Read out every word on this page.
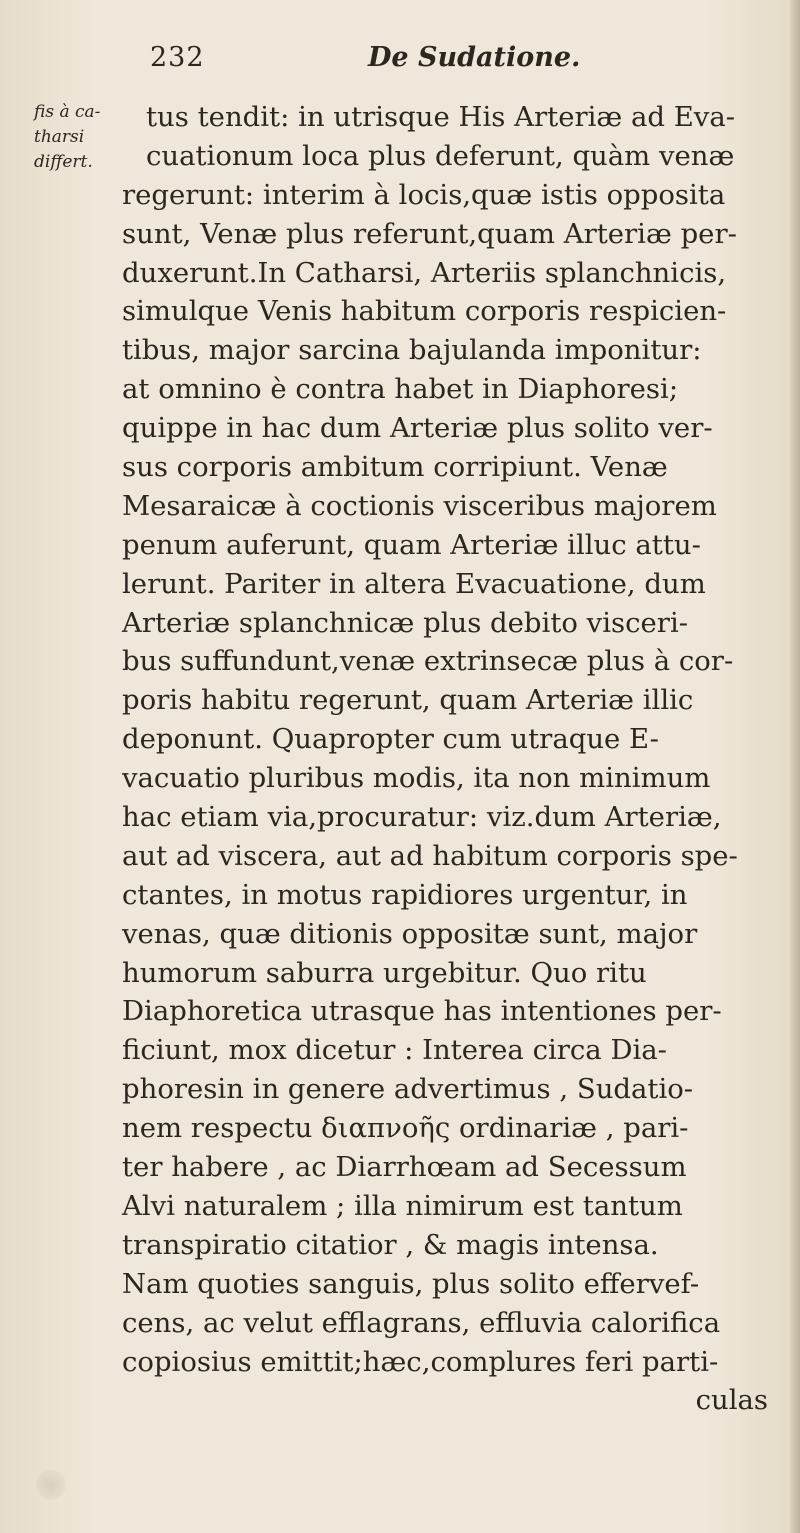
232	De Sudatione.
fis à ca-
tharsi
differt.
tus tendit: in utrisque His Arteriæ ad Eva-
cuationum loca plus deferunt, quàm venæ
regerunt: interim à locis,quæ istis opposita
sunt, Venæ plus referunt,quam Arteriæ per-
duxerunt.In Catharsi, Arteriis splanchnicis,
simulque Venis habitum corporis respicien-
tibus, major sarcina bajulanda imponitur:
at omnino è contra habet in Diaphoresi;
quippe in hac dum Arteriæ plus solito ver-
sus corporis ambitum corripiunt. Venæ
Mesaraicæ à coctionis visceribus majorem
penum auferunt, quam Arteriæ illuc attu-
lerunt. Pariter in altera Evacuatione, dum
Arteriæ splanchnicæ plus debito visceri-
bus suffundunt,venæ extrinsecæ plus à cor-
poris habitu regerunt, quam Arteriæ illic
deponunt. Quapropter cum utraque E-
vacuatio pluribus modis, ita non minimum
hac etiam via,procuratur: viz.dum Arteriæ,
aut ad viscera, aut ad habitum corporis spe-
ctantes, in motus rapidiores urgentur, in
venas, quæ ditionis oppositæ sunt, major
humorum saburra urgebitur. Quo ritu
Diaphoretica utrasque has intentiones per-
ficiunt, mox dicetur : Interea circa Dia-
phoresin in genere advertimus , Sudatio-
nem respectu διαπνοῆς ordinariæ , pari-
ter habere , ac Diarrhœam ad Secessum
Alvi naturalem ; illa nimirum est tantum
transpiratio citatior , & magis intensa.
Nam quoties sanguis, plus solito effervef-
cens, ac velut efflagrans, effluvia calorifica
copiosius emittit;hæc,complures feri parti-
culas
